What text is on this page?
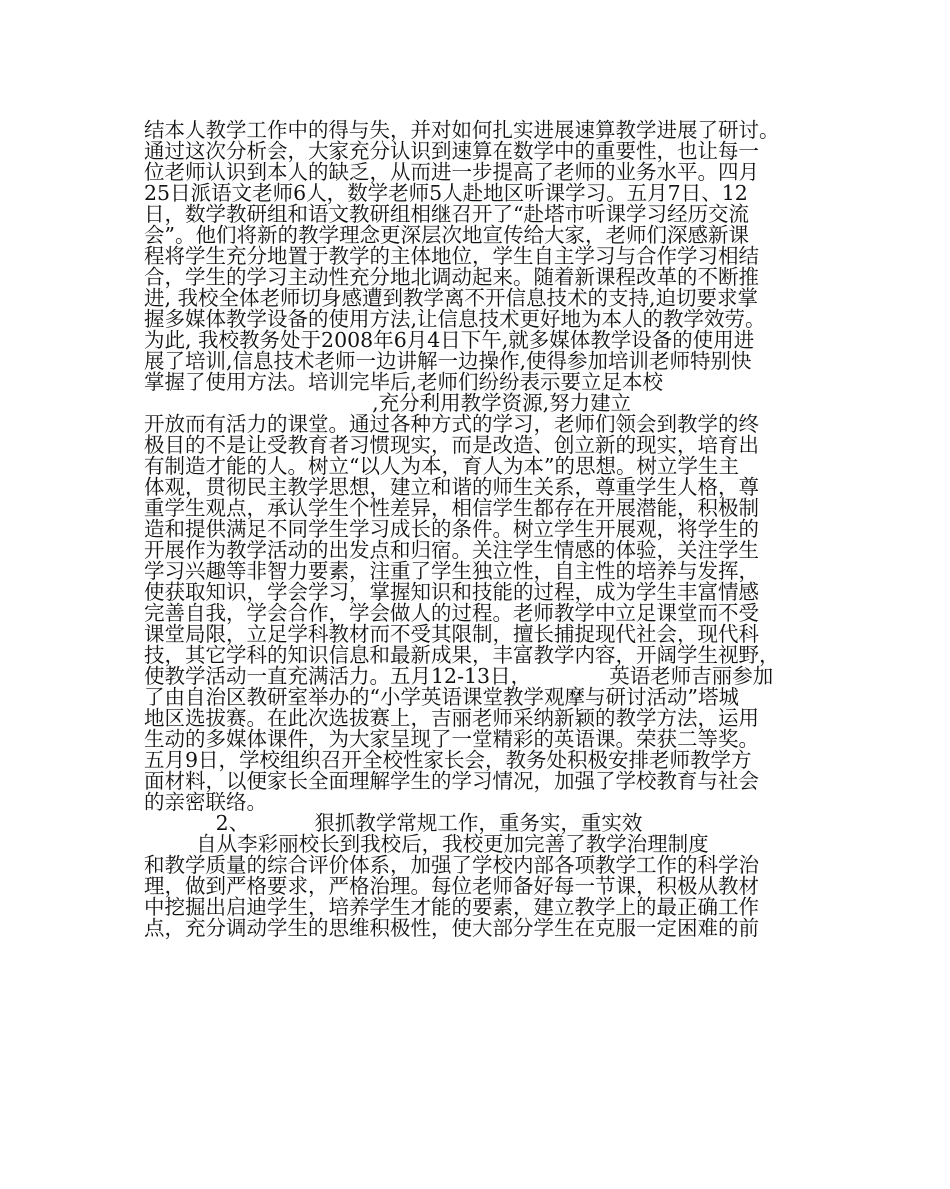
结本人教学工作中的得与失，并对如何扎实进展速算教学进展了研讨。
通过这次分析会，大家充分认识到速算在数学中的重要性，也让每一
位老师认识到本人的缺乏，从而进一步提高了老师的业务水平。四月
25日派语文老师6人，数学老师5人赴地区听课学习。五月7日、12
日，数学教研组和语文教研组相继召开了“赴塔市听课学习经历交流
会”。他们将新的教学理念更深层次地宣传给大家，老师们深感新课
程将学生充分地置于教学的主体地位，学生自主学习与合作学习相结
合，学生的学习主动性充分地北调动起来。随着新课程改革的不断推
进, 我校全体老师切身感遭到教学离不开信息技术的支持,迫切要求掌
握多媒体教学设备的使用方法,让信息技术更好地为本人的教学效劳。
为此, 我校教务处于2008年6月4日下午,就多媒体教学设备的使用进
展了培训,信息技术老师一边讲解一边操作,使得参加培训老师特别快
掌握了使用方法。培训完毕后,老师们纷纷表示要立足本校
,充分利用教学资源,努力建立
开放而有活力的课堂。通过各种方式的学习，老师们领会到教学的终
极目的不是让受教育者习惯现实，而是改造、创立新的现实，培育出
有制造才能的人。树立“以人为本，育人为本”的思想。树立学生主
体观，贯彻民主教学思想，建立和谐的师生关系，尊重学生人格，尊
重学生观点，承认学生个性差异，相信学生都存在开展潜能，积极制
造和提供满足不同学生学习成长的条件。树立学生开展观，将学生的
开展作为教学活动的出发点和归宿。关注学生情感的体验，关注学生
学习兴趣等非智力要素，注重了学生独立性，自主性的培养与发挥，
使获取知识，学会学习，掌握知识和技能的过程，成为学生丰富情感
完善自我，学会合作，学会做人的过程。老师教学中立足课堂而不受
课堂局限，立足学科教材而不受其限制，擅长捕捉现代社会，现代科
技，其它学科的知识信息和最新成果，丰富教学内容，开阔学生视野，
使教学活动一直充满活力。五月12-13日，            英语老师吉丽参加
了由自治区教研室举办的“小学英语课堂教学观摩与研讨活动”塔城
地区选拔赛。在此次选拔赛上，吉丽老师采纳新颖的教学方法，运用
生动的多媒体课件，为大家呈现了一堂精彩的英语课。荣获二等奖。
五月9日，学校组织召开全校性家长会，教务处积极安排老师教学方
面材料，以便家长全面理解学生的学习情况，加强了学校教育与社会
的亲密联络。
2、          狠抓教学常规工作，重务实，重实效
自从李彩丽校长到我校后，我校更加完善了教学治理制度
和教学质量的综合评价体系，加强了学校内部各项教学工作的科学治
理，做到严格要求，严格治理。每位老师备好每一节课，积极从教材
中挖掘出启迪学生，培养学生才能的要素，建立教学上的最正确工作
点，充分调动学生的思维积极性，使大部分学生在克服一定困难的前
